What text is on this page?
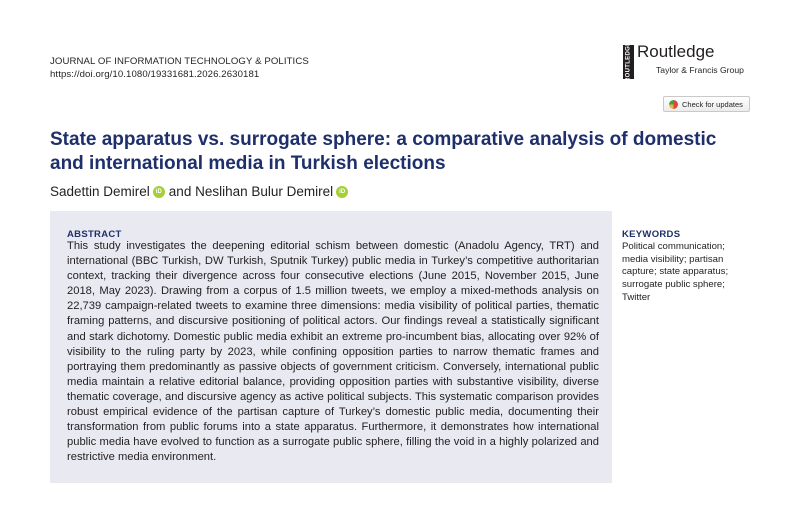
JOURNAL OF INFORMATION TECHNOLOGY & POLITICS
https://doi.org/10.1080/19331681.2026.2630181	ROUTLEDGE Routledge
Taylor & Francis Group
Check for updates
State apparatus vs. surrogate sphere: a comparative analysis of domestic and international media in Turkish elections
Sadettin Demirel	iD and
Neslihan Bulur Demirel	iD
ABSTRACT

This study investigates the deepening editorial schism between domestic (Anadolu Agency, TRT) and international (BBC Turkish, DW Turkish, Sputnik Turkey) public media in Turkey’s competitive authoritarian context, tracking their divergence across four consecutive elections (June 2015, November 2015, June 2018, May 2023). Drawing from a corpus of 1.5 million tweets, we employ a mixed-methods analysis on 22,739 campaign-related tweets to examine three dimensions: media visibility of political parties, thematic framing patterns, and discursive positioning of political actors. Our findings reveal a statistically significant and stark dichotomy. Domestic public media exhibit an extreme pro-incumbent bias, allocating over 92% of visibility to the ruling party by 2023, while confining opposition parties to narrow thematic frames and portraying them predominantly as passive objects of government criticism. Conversely, international public media maintain a relative editorial balance, providing opposition parties with substantive visibility, diverse thematic coverage, and discursive agency as active political subjects. This systematic comparison provides robust empirical evidence of the partisan capture of Turkey’s domestic public media, documenting their transformation from public forums into a state apparatus. Furthermore, it demonstrates how international public media have evolved to function as a surrogate public sphere, filling the void in a highly polarized and restrictive media environment.

KEYWORDS
Political communication; media visibility; partisan capture; state apparatus; surrogate public sphere; Twitter
